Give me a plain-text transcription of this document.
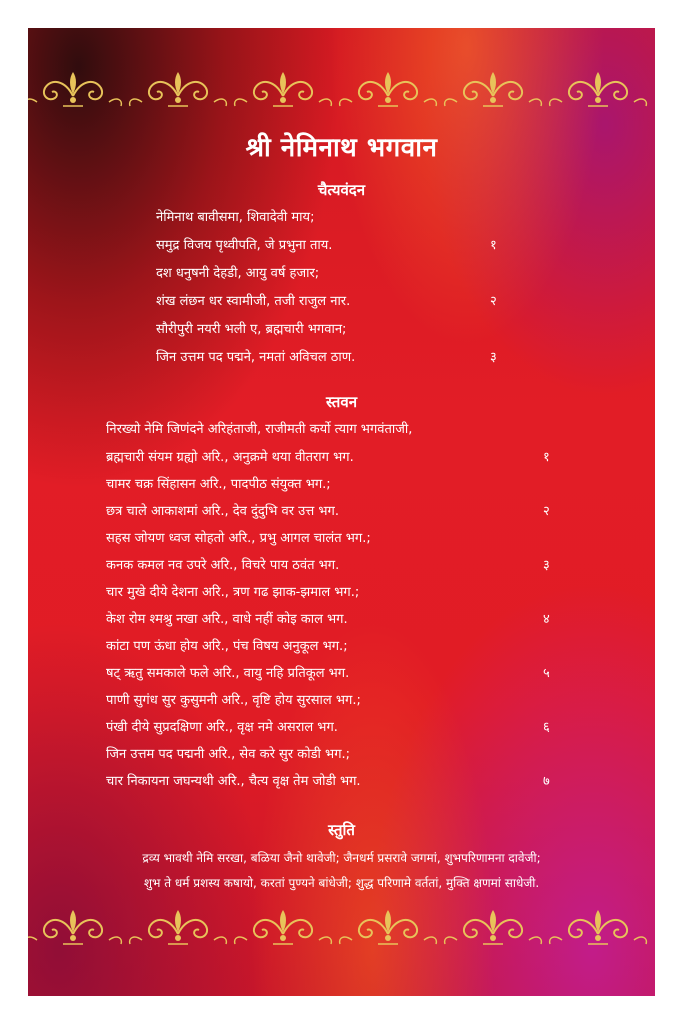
श्री नेमिनाथ भगवान
चैत्यवंदन
नेमिनाथ बावीसमा, शिवादेवी माय;
समुद्र विजय पृथ्वीपति, जे प्रभुना ताय.	१
दश धनुषनी देहडी, आयु वर्ष हजार;
शंख लंछन धर स्वामीजी, तजी राजुल नार.	२
सौरीपुरी नयरी भली ए, ब्रह्मचारी भगवान;
जिन उत्तम पद पद्मने, नमतां अविचल ठाण.	३
स्तवन
निरख्यो नेमि जिणंदने अरिहंताजी, राजीमती कर्यो त्याग भगवंताजी,
ब्रह्मचारी संयम ग्रह्यो अरि., अनुक्रमे थया वीतराग भग.	१
चामर चक्र सिंहासन अरि., पादपीठ संयुक्त भग.;
छत्र चाले आकाशमां अरि., देव दुंदुभि वर उत्त भग.	२
सहस जोयण ध्वज सोहतो अरि., प्रभु आगल चालंत भग.;
कनक कमल नव उपरे अरि., विचरे पाय ठवंत भग.	३
चार मुखे दीये देशना अरि., त्रण गढ झाक-झमाल भग.;
केश रोम श्मश्रु नखा अरि., वाधे नहीं कोइ काल भग.	४
कांटा पण ऊंधा होय अरि., पंच विषय अनुकूल भग.;
षट् ऋतु समकाले फले अरि., वायु नहि प्रतिकूल भग.	५
पाणी सुगंध सुर कुसुमनी अरि., वृष्टि होय सुरसाल भग.;
पंखी दीये सुप्रदक्षिणा अरि., वृक्ष नमे असराल भग.	६
जिन उत्तम पद पद्मनी अरि., सेव करे सुर कोडी भग.;
चार निकायना जघन्यथी अरि., चैत्य वृक्ष तेम जोडी भग.	७
स्तुति
द्रव्य भावथी नेमि सरखा, बळिया जैनो थावेजी; जैनधर्म प्रसरावे जगमां, शुभपरिणामना दावेजी;
शुभ ते धर्म प्रशस्य कषायो, करतां पुण्यने बांधेजी; शुद्ध परिणामे वर्ततां, मुक्ति क्षणमां साधेजी.
